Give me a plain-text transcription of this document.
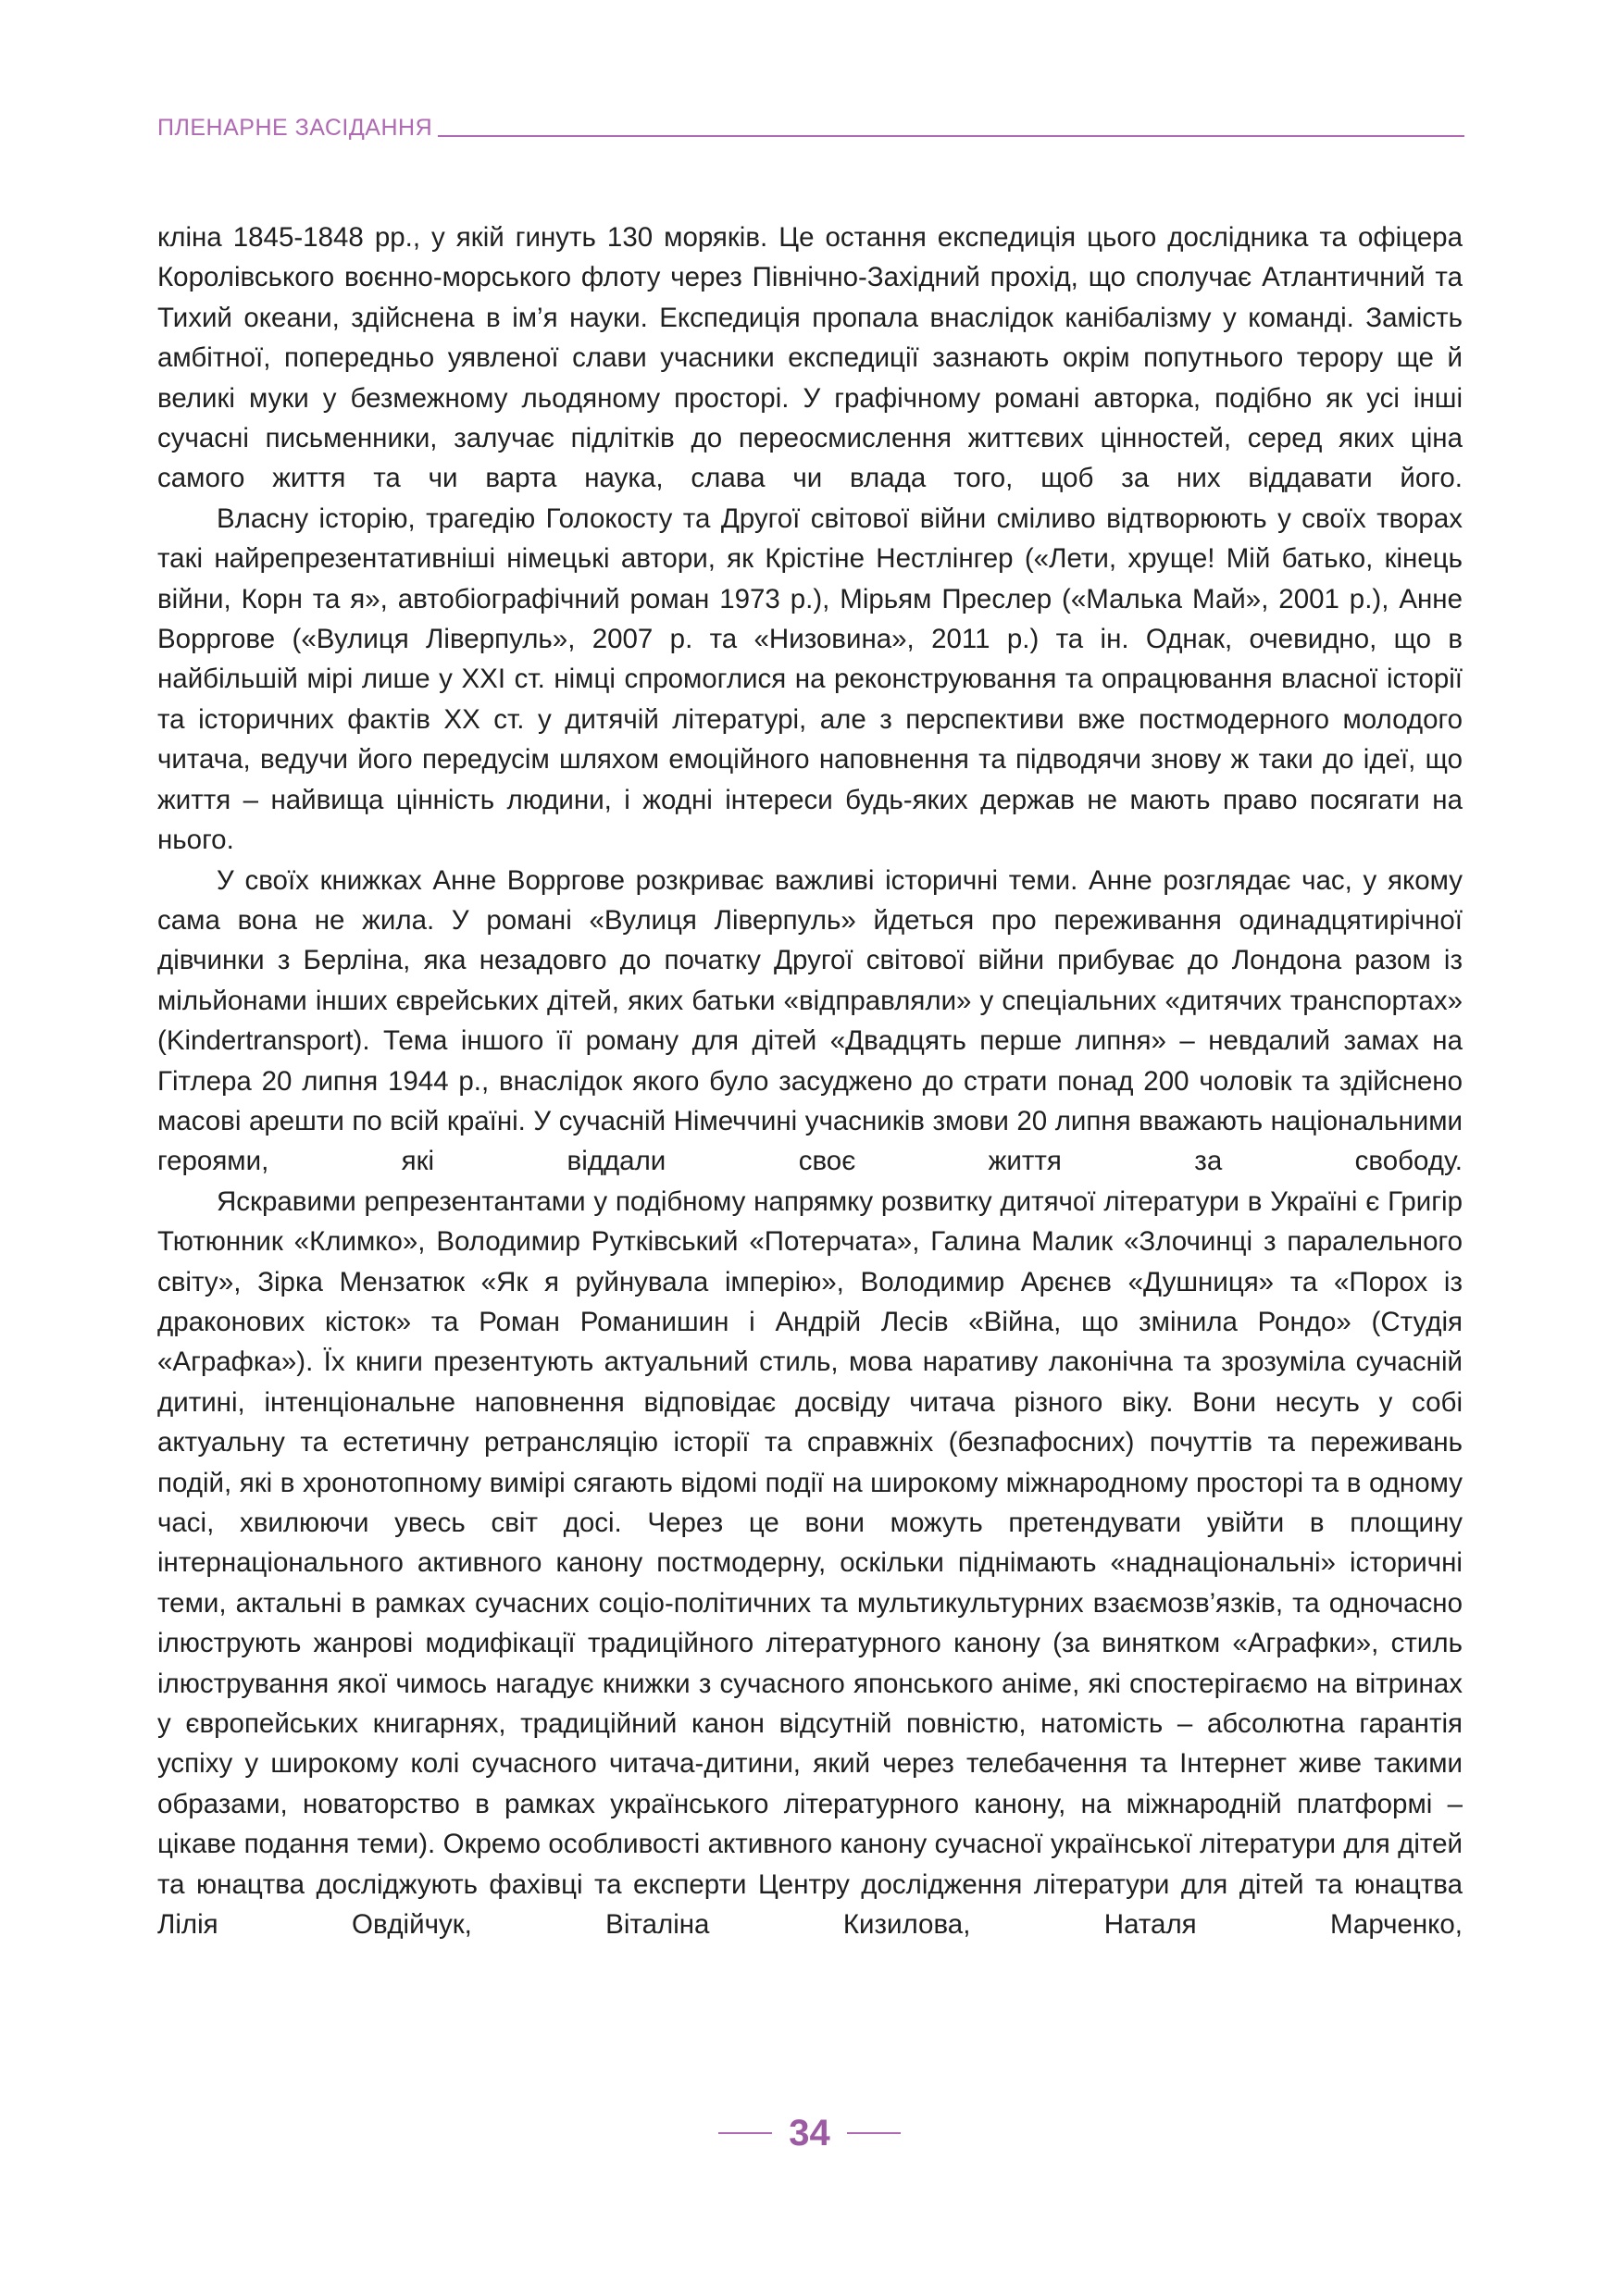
ПЛЕНАРНЕ ЗАСІДАННЯ

кліна 1845-1848 рр., у якій гинуть 130 моряків. Це остання експедиція цього дослідника та офіцера Королівського воєнно-морського флоту через Північно-Західний прохід, що сполучає Атлантичний та Тихий океани, здійснена в ім’я науки. Експедиція пропала внаслідок канібалізму у команді. Замість амбітної, попередньо уявленої слави учасники експедиції зазнають окрім попутнього терору ще й великі муки у безмежному льодяному просторі. У графічному романі авторка, подібно як усі інші сучасні письменники, залучає підлітків до переосмислення життєвих цінностей, серед яких ціна самого життя та чи варта наука, слава чи влада того, щоб за них віддавати його.

Власну історію, трагедію Голокосту та Другої світової війни сміливо відтворюють у своїх творах такі найрепрезентативніші німецькі автори, як Крістіне Нестлінгер («Лети, хруще! Мій батько, кінець війни, Корн та я», автобіографічний роман 1973 р.), Мірьям Преслер («Малька Май», 2001 р.), Анне Ворргове («Вулиця Ліверпуль», 2007 р. та «Низовина», 2011 р.) та ін. Однак, очевидно, що в найбільшій мірі лише у XXI ст. німці спромоглися на реконструювання та опрацювання власної історії та історичних фактів XX ст. у дитячій літературі, але з перспективи вже постмодерного молодого читача, ведучи його передусім шляхом емоційного наповнення та підводячи знову ж таки до ідеї, що життя – найвища цінність людини, і жодні інтереси будь-яких держав не мають право посягати на нього.

У своїх книжках Анне Ворргове розкриває важливі історичні теми. Анне розглядає час, у якому сама вона не жила. У романі «Вулиця Ліверпуль» йдеться про переживання одинадцятирічної дівчинки з Берліна, яка незадовго до початку Другої світової війни прибуває до Лондона разом із мільйонами інших єврейських дітей, яких батьки «відправляли» у спеціальних «дитячих транспортах» (Kindertransport). Тема іншого її роману для дітей «Двадцять перше липня» – невдалий замах на Гітлера 20 липня 1944 р., внаслідок якого було засуджено до страти понад 200 чоловік та здійснено масові арешти по всій країні. У сучасній Німеччині учасників змови 20 липня вважають національними героями, які віддали своє життя за свободу.

Яскравими репрезентантами у подібному напрямку розвитку дитячої літератури в Україні є Григір Тютюнник «Климко», Володимир Рутківський «Потерчата», Галина Малик «Злочинці з паралельного світу», Зірка Мензатюк «Як я руйнувала імперію», Володимир Арєнєв «Душниця» та «Порох із драконових кісток» та Роман Романишин і Андрій Лесів «Війна, що змінила Рондо» (Студія «Аграфка»). Їх книги презентують актуальний стиль, мова наративу лаконічна та зрозуміла сучасній дитині, інтенціональне наповнення відповідає досвіду читача різного віку. Вони несуть у собі актуальну та естетичну ретрансляцію історії та справжніх (безпафосних) почуттів та переживань подій, які в хронотопному вимірі сягають відомі події на широкому міжнародному просторі та в одному часі, хвилюючи увесь світ досі. Через це вони можуть претендувати увійти в площину інтернаціонального активного канону постмодерну, оскільки піднімають «наднаціональні» історичні теми, актальні в рамках сучасних соціо-політичних та мультикультурних взаємозв’язків, та одночасно ілюструють жанрові модифікації традиційного літературного канону (за винятком «Аграфки», стиль ілюстрування якої чимось нагадує книжки з сучасного японського аніме, які спостерігаємо на вітринах у європейських книгарнях, традиційний канон відсутній повністю, натомість – абсолютна гарантія успіху у широкому колі сучасного читача-дитини, який через телебачення та Інтернет живе такими образами, новаторство в рамках українського літературного канону, на міжнародній платформі – цікаве подання теми). Окремо особливості активного канону сучасної української літератури для дітей та юнацтва досліджують фахівці та експерти Центру дослідження літератури для дітей та юнацтва Лілія Овдійчук, Віталіна Кизилова, Наталя Марченко,

34
